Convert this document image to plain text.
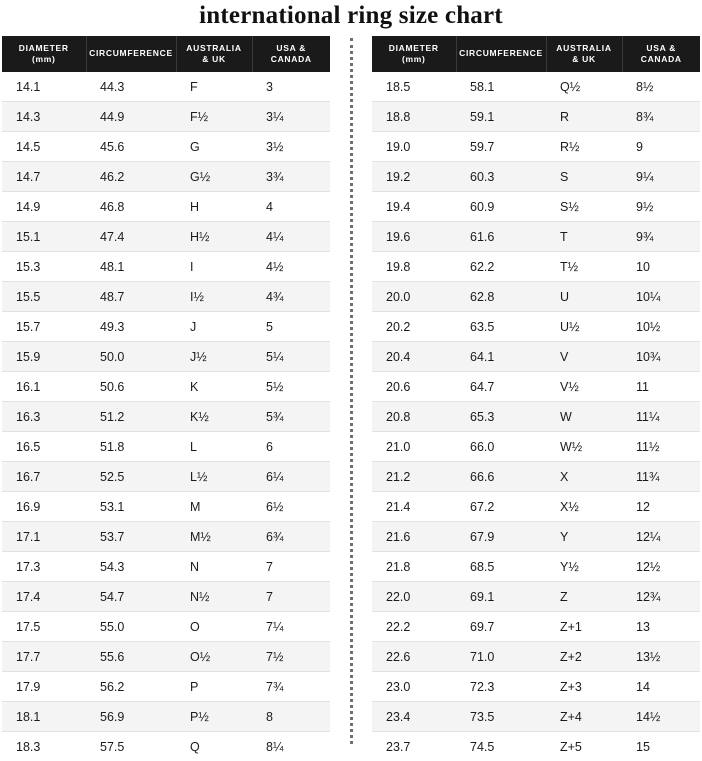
international ring size chart
DIAMETER
(mm)	CIRCUMFERENCE	AUSTRALIA
& UK	USA &
CANADA

14.1	44.3	F	3
14.3	44.9	F½	3¼
14.5	45.6	G	3½
14.7	46.2	G½	3¾
14.9	46.8	H	4
15.1	47.4	H½	4¼
15.3	48.1	I	4½
15.5	48.7	I½	4¾
15.7	49.3	J	5
15.9	50.0	J½	5¼
16.1	50.6	K	5½
16.3	51.2	K½	5¾
16.5	51.8	L	6
16.7	52.5	L½	6¼
16.9	53.1	M	6½
17.1	53.7	M½	6¾
17.3	54.3	N	7
17.4	54.7	N½	7
17.5	55.0	O	7¼
17.7	55.6	O½	7½
17.9	56.2	P	7¾
18.1	56.9	P½	8
18.3	57.5	Q	8¼
DIAMETER
(mm)	CIRCUMFERENCE	AUSTRALIA
& UK	USA &
CANADA

18.5	58.1	Q½	8½
18.8	59.1	R	8¾
19.0	59.7	R½	9
19.2	60.3	S	9¼
19.4	60.9	S½	9½
19.6	61.6	T	9¾
19.8	62.2	T½	10
20.0	62.8	U	10¼
20.2	63.5	U½	10½
20.4	64.1	V	10¾
20.6	64.7	V½	11
20.8	65.3	W	11¼
21.0	66.0	W½	11½
21.2	66.6	X	11¾
21.4	67.2	X½	12
21.6	67.9	Y	12¼
21.8	68.5	Y½	12½
22.0	69.1	Z	12¾
22.2	69.7	Z+1	13
22.6	71.0	Z+2	13½
23.0	72.3	Z+3	14
23.4	73.5	Z+4	14½
23.7	74.5	Z+5	15
